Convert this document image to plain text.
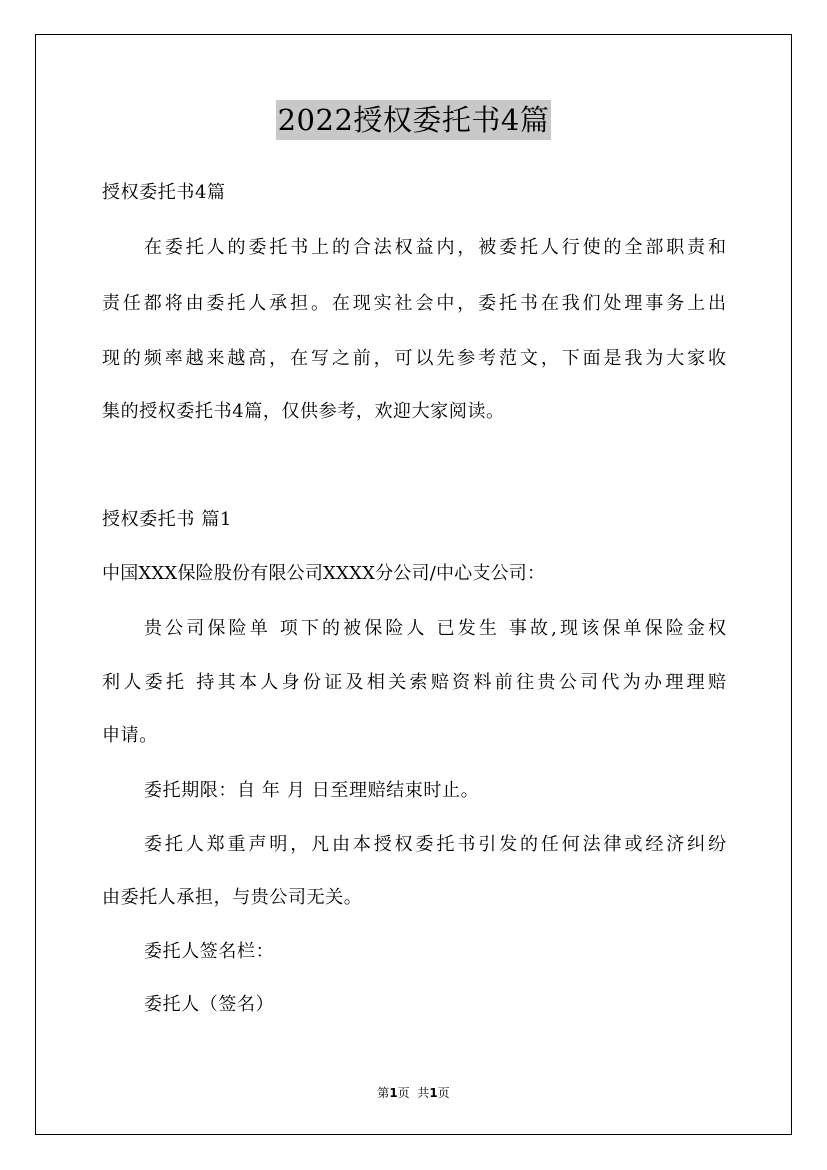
2022授权委托书4篇
授权委托书4篇
在委托人的委托书上的合法权益内，被委托人行使的全部职责和
责任都将由委托人承担。在现实社会中，委托书在我们处理事务上出
现的频率越来越高，在写之前，可以先参考范文，下面是我为大家收
集的授权委托书4篇，仅供参考，欢迎大家阅读。
授权委托书 篇1
中国XXX保险股份有限公司XXXX分公司/中心支公司：
贵公司保险单 项下的被保险人 已发生 事故,现该保单保险金权
利人委托 持其本人身份证及相关索赔资料前往贵公司代为办理理赔
申请。
委托期限：自 年 月 日至理赔结束时止。
委托人郑重声明，凡由本授权委托书引发的任何法律或经济纠纷
由委托人承担，与贵公司无关。
委托人签名栏：
委托人（签名）
第1页  共1页
